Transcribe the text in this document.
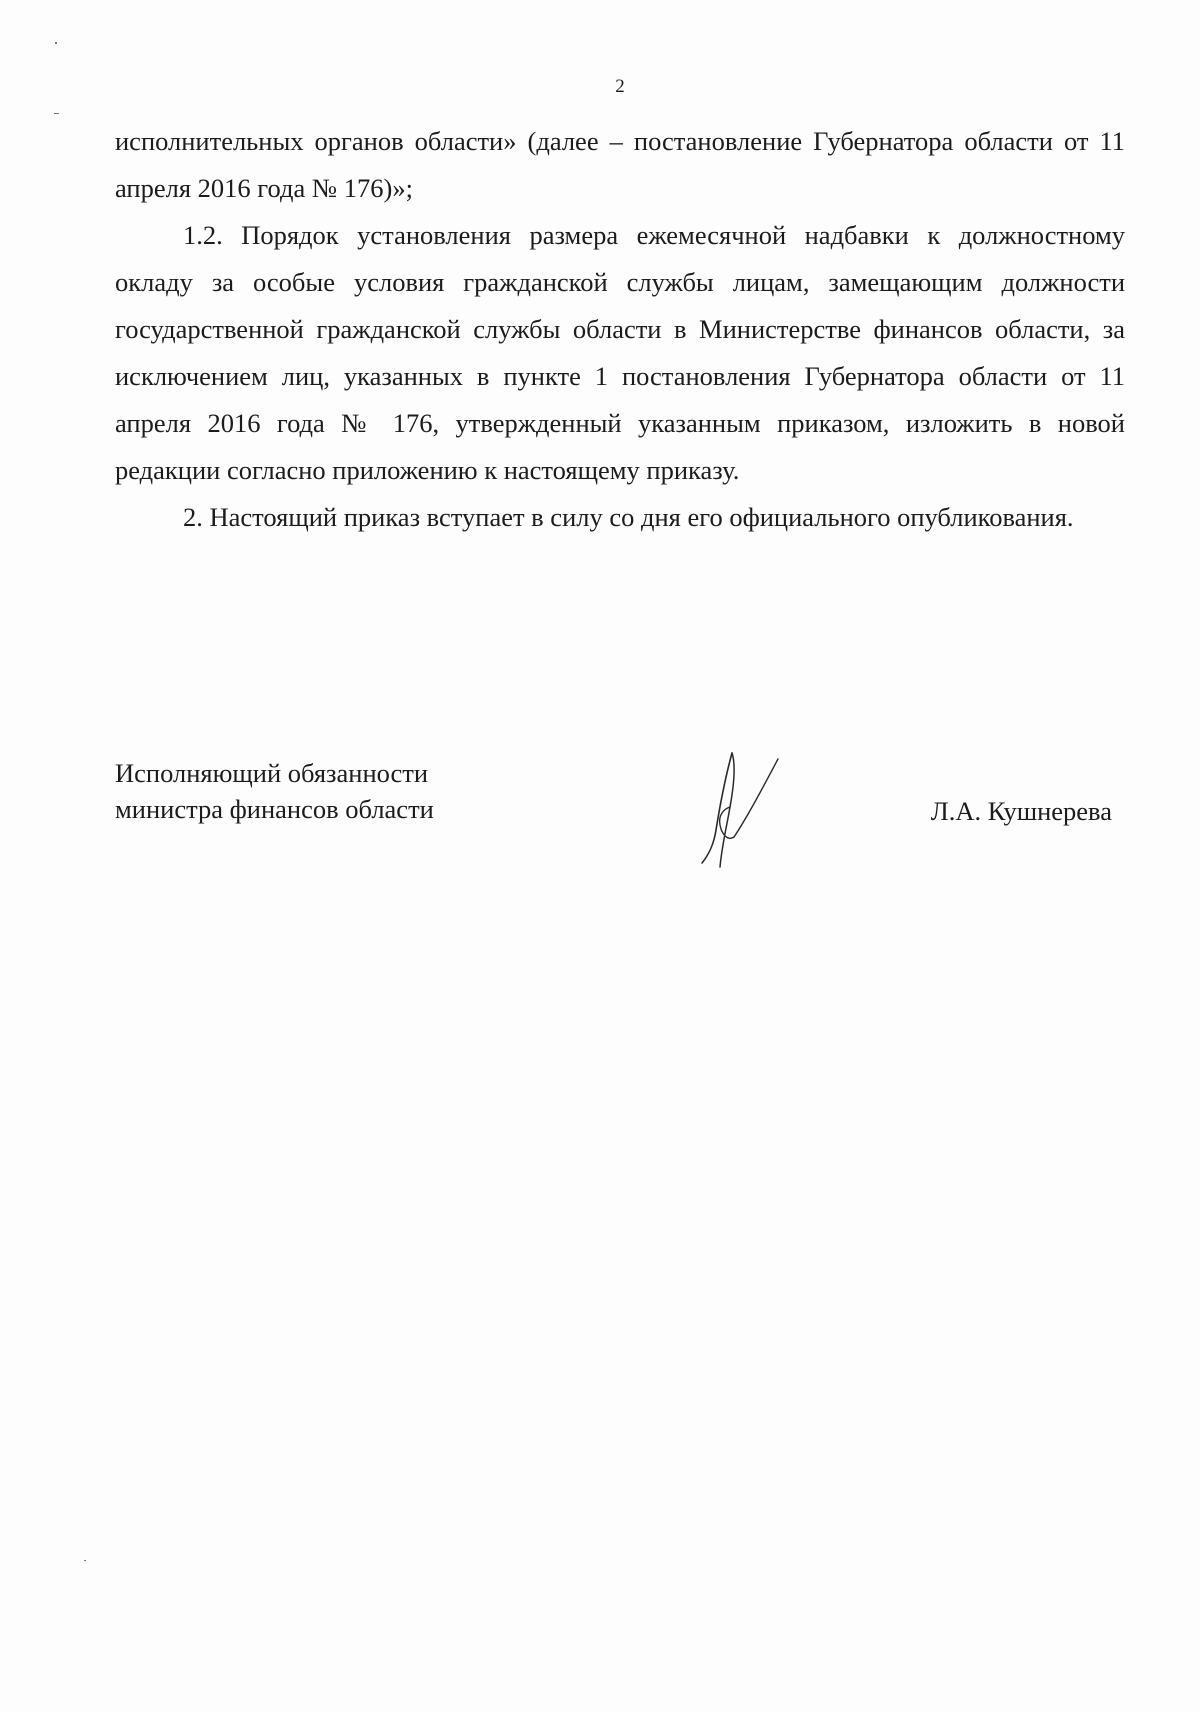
2

исполнительных органов области» (далее – постановление Губернатора области от 11 апреля 2016 года № 176)»;

1.2. Порядок установления размера ежемесячной надбавки к должностному окладу за особые условия гражданской службы лицам, замещающим должности государственной гражданской службы области в Министерстве финансов области, за исключением лиц, указанных в пункте 1 постановления Губернатора области от 11 апреля 2016 года № 176, утвержденный указанным приказом, изложить в новой редакции согласно приложению к настоящему приказу.

2. Настоящий приказ вступает в силу со дня его официального опубликования.

Исполняющий обязанности
министра финансов области	Л.А. Кушнерева
